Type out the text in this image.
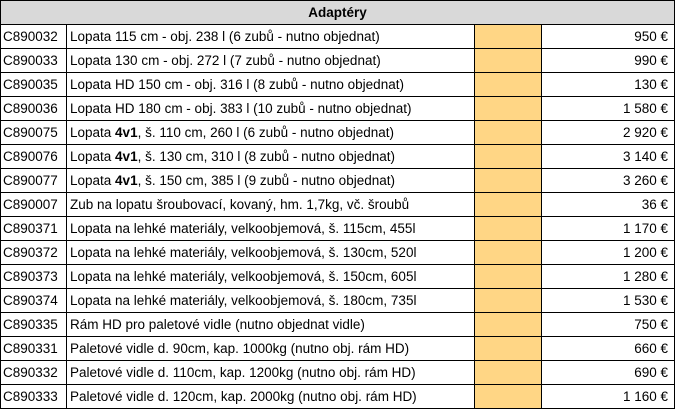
Adaptéry			
C890032	Lopata 115 cm - obj. 238 l (6 zubů - nutno objednat)		950 €
C890033	Lopata 130 cm - obj. 272 l (7 zubů - nutno objednat)		990 €
C890035	Lopata HD 150 cm - obj. 316 l (8 zubů - nutno objednat)		130 €
C890036	Lopata HD 180 cm - obj. 383 l (10 zubů - nutno objednat)		1 580 €
C890075	Lopata 4v1, š. 110 cm, 260 l (6 zubů - nutno objednat)		2 920 €
C890076	Lopata 4v1, š. 130 cm, 310 l (8 zubů - nutno objednat)		3 140 €
C890077	Lopata 4v1, š. 150 cm, 385 l (9 zubů - nutno objednat)		3 260 €
C890007	Zub na lopatu šroubovací, kovaný, hm. 1,7kg, vč. šroubů		36 €
C890371	Lopata na lehké materiály, velkoobjemová, š. 115cm, 455l		1 170 €
C890372	Lopata na lehké materiály, velkoobjemová, š. 130cm, 520l		1 200 €
C890373	Lopata na lehké materiály, velkoobjemová, š. 150cm, 605l		1 280 €
C890374	Lopata na lehké materiály, velkoobjemová, š. 180cm, 735l		1 530 €
C890335	Rám HD pro paletové vidle (nutno objednat vidle)		750 €
C890331	Paletové vidle d. 90cm, kap. 1000kg (nutno obj. rám HD)		660 €
C890332	Paletové vidle d. 110cm, kap. 1200kg (nutno obj. rám HD)		690 €
C890333	Paletové vidle d. 120cm, kap. 2000kg (nutno obj. rám HD)		1 160 €
